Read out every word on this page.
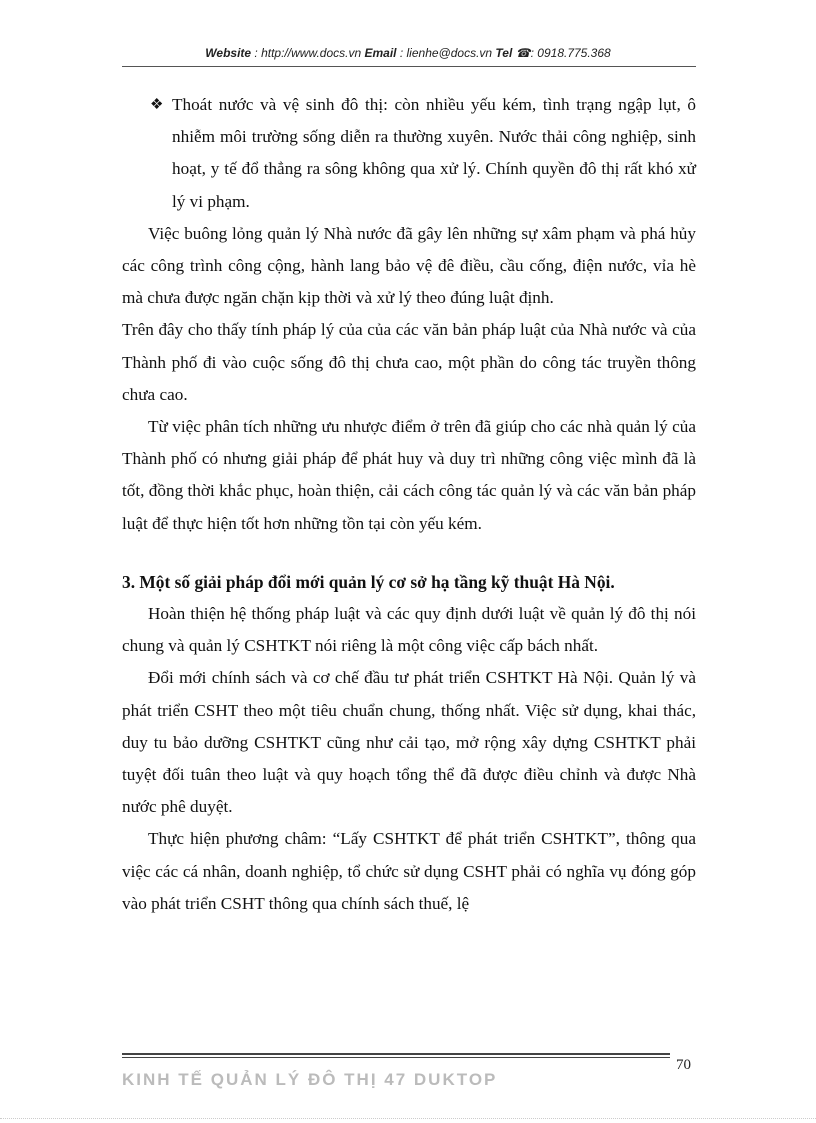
Website : http://www.docs.vn Email : lienhe@docs.vn Tel ☎: 0918.775.368

❖ Thoát nước và vệ sinh đô thị: còn nhiều yếu kém, tình trạng ngập lụt, ô nhiễm môi trường sống diễn ra thường xuyên. Nước thải công nghiệp, sinh hoạt, y tế đổ thẳng ra sông không qua xử lý. Chính quyền đô thị rất khó xử lý vi phạm.

Việc buông lỏng quản lý Nhà nước đã gây lên những sự xâm phạm và phá hủy các công trình công cộng, hành lang bảo vệ đê điều, cầu cống, điện nước, vỉa hè mà chưa được ngăn chặn kịp thời và xử lý theo đúng luật định.

Trên đây cho thấy tính pháp lý của của các văn bản pháp luật của Nhà nước và của Thành phố đi vào cuộc sống đô thị chưa cao, một phần do công tác truyền thông chưa cao.

Từ việc phân tích những ưu nhược điểm ở trên đã giúp cho các nhà quản lý của Thành phố có nhưng giải pháp để phát huy và duy trì những công việc mình đã là tốt, đồng thời khắc phục, hoàn thiện, cải cách công tác quản lý và các văn bản pháp luật để thực hiện tốt hơn những tồn tại còn yếu kém.

3. Một số giải pháp đổi mới quản lý cơ sở hạ tầng kỹ thuật Hà Nội.

Hoàn thiện hệ thống pháp luật và các quy định dưới luật về quản lý đô thị nói chung và quản lý CSHTKT nói riêng là một công việc cấp bách nhất.

Đổi mới chính sách và cơ chế đầu tư phát triển CSHTKT Hà Nội. Quản lý và phát triển CSHT theo một tiêu chuẩn chung, thống nhất. Việc sử dụng, khai thác, duy tu bảo dưỡng CSHTKT cũng như cải tạo, mở rộng xây dựng CSHTKT phải tuyệt đối tuân theo luật và quy hoạch tổng thể đã được điều chỉnh và được Nhà nước phê duyệt.

Thực hiện phương châm: “Lấy CSHTKT để phát triển CSHTKT”, thông qua việc các cá nhân, doanh nghiệp, tổ chức sử dụng CSHT phải có nghĩa vụ đóng góp vào phát triển CSHT thông qua chính sách thuế, lệ

70
KINH TẾ QUẢN LÝ ĐÔ THỊ 47 DUKTOP
